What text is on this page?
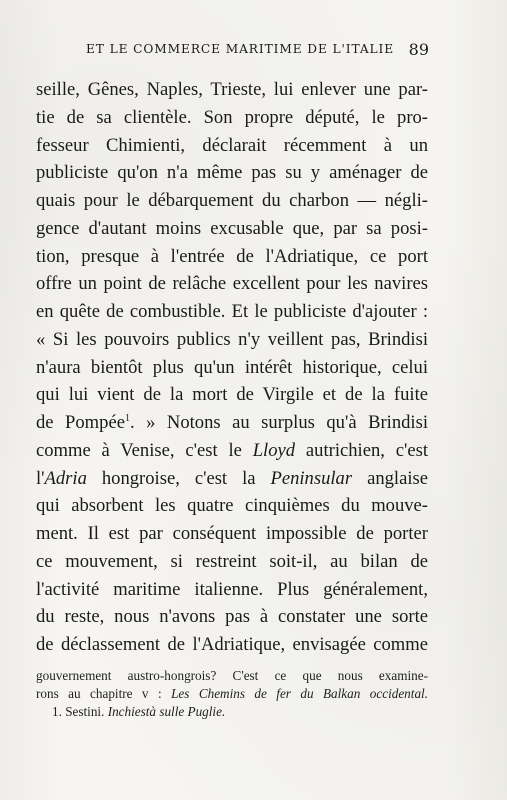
ET LE COMMERCE MARITIME DE L'ITALIE 89
seille, Gênes, Naples, Trieste, lui enlever une par-
tie de sa clientèle. Son propre député, le pro-
fesseur Chimienti, déclarait récemment à un
publiciste qu'on n'a même pas su y aménager de
quais pour le débarquement du charbon — négli-
gence d'autant moins excusable que, par sa posi-
tion, presque à l'entrée de l'Adriatique, ce port
offre un point de relâche excellent pour les navires
en quête de combustible. Et le publiciste d'ajouter :
« Si les pouvoirs publics n'y veillent pas, Brindisi
n'aura bientôt plus qu'un intérêt historique, celui
qui lui vient de la mort de Virgile et de la fuite
de Pompée$^1$. » Notons au surplus qu'à Brindisi
comme à Venise, c'est le Lloyd autrichien, c'est
l'Adria hongroise, c'est la Peninsular anglaise
qui absorbent les quatre cinquièmes du mouve-
ment. Il est par conséquent impossible de porter
ce mouvement, si restreint soit-il, au bilan de
l'activité maritime italienne. Plus généralement,
du reste, nous n'avons pas à constater une sorte
de déclassement de l'Adriatique, envisagée comme
gouvernement austro-hongrois? C'est ce que nous examine-
rons au chapitre v : Les Chemins de fer du Balkan occidental.
1. Sestini. Inchiestà sulle Puglie.
